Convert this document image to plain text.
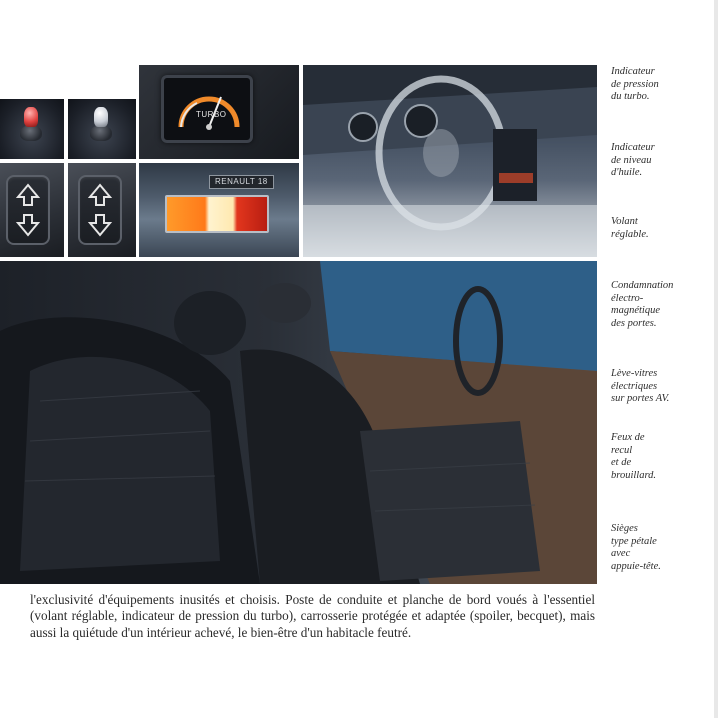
TURBO
RENAULT 18

Indicateur
de pression
du turbo.

Indicateur
de niveau
d'huile.

Volant
réglable.

Condamnation
électro-
magnétique
des portes.

Lève-vitres
électriques
sur portes AV.

Feux de
recul
et de
brouillard.

Sièges
type pétale
avec
appuie-tête.

l'exclusivité d'équipements inusités et choisis. Poste de conduite et planche de bord voués à l'essentiel (volant réglable, indicateur de pression du turbo), carrosserie protégée et adaptée (spoiler, becquet), mais aussi la quiétude d'un intérieur achevé, le bien-être d'un habitacle feutré.
